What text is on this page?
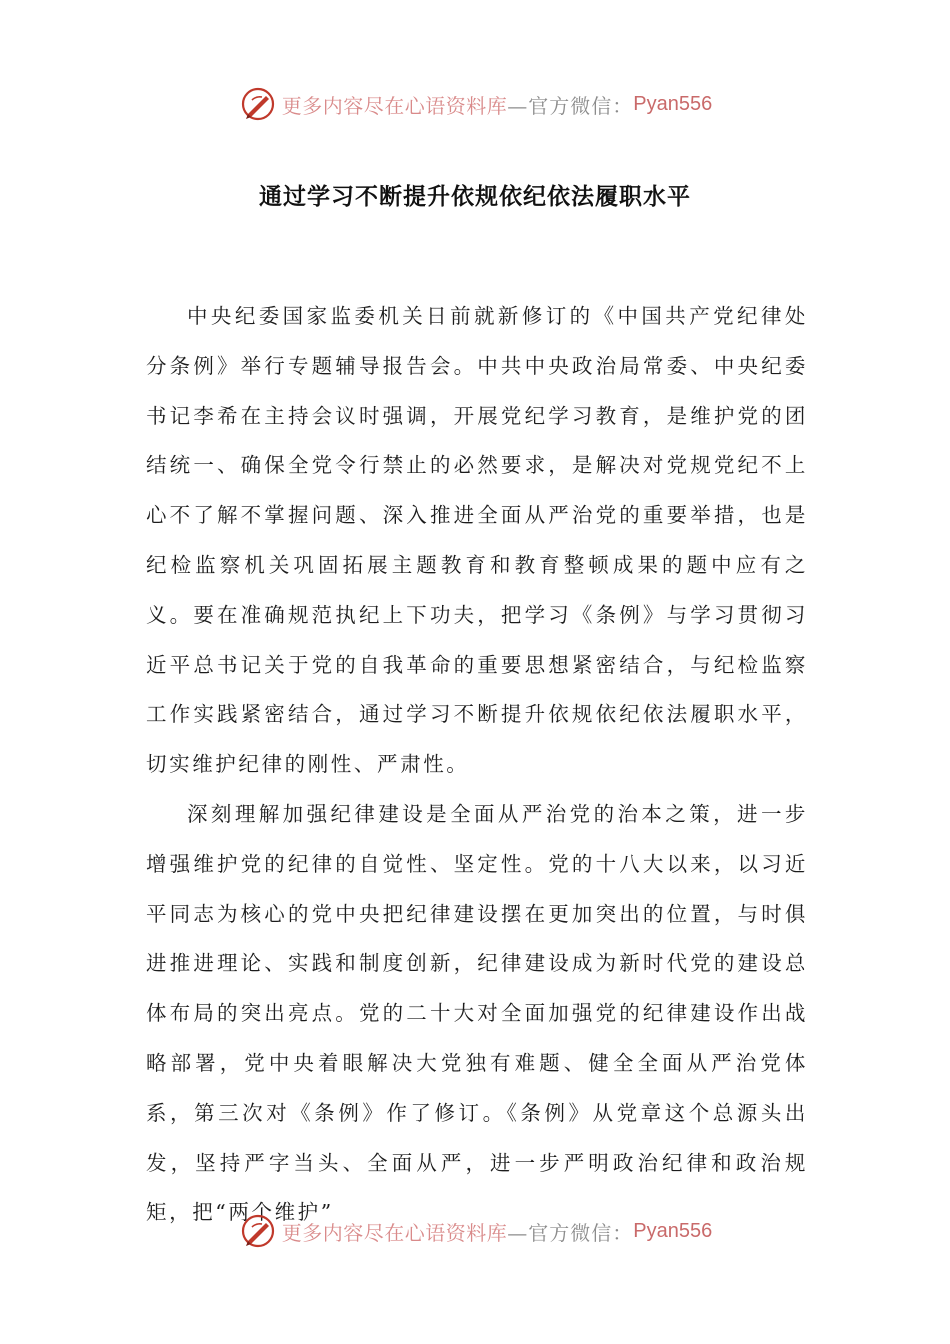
更多内容尽在心语资料库 —官方微信： Pyan556
通过学习不断提升依规依纪依法履职水平

中央纪委国家监委机关日前就新修订的《中国共产党纪律处分条例》举行专题辅导报告会。中共中央政治局常委、中央纪委书记李希在主持会议时强调，开展党纪学习教育，是维护党的团结统一、确保全党令行禁止的必然要求，是解决对党规党纪不上心不了解不掌握问题、深入推进全面从严治党的重要举措，也是纪检监察机关巩固拓展主题教育和教育整顿成果的题中应有之义。要在准确规范执纪上下功夫，把学习《条例》与学习贯彻习近平总书记关于党的自我革命的重要思想紧密结合，与纪检监察工作实践紧密结合，通过学习不断提升依规依纪依法履职水平，切实维护纪律的刚性、严肃性。

深刻理解加强纪律建设是全面从严治党的治本之策，进一步增强维护党的纪律的自觉性、坚定性。党的十八大以来，以习近平同志为核心的党中央把纪律建设摆在更加突出的位置，与时俱进推进理论、实践和制度创新，纪律建设成为新时代党的建设总体布局的突出亮点。党的二十大对全面加强党的纪律建设作出战略部署，党中央着眼解决大党独有难题、健全全面从严治党体系，第三次对《条例》作了修订。《条例》从党章这个总源头出发，坚持严字当头、全面从严，进一步严明政治纪律和政治规矩，把“两个维护”

更多内容尽在心语资料库 —官方微信： Pyan556
